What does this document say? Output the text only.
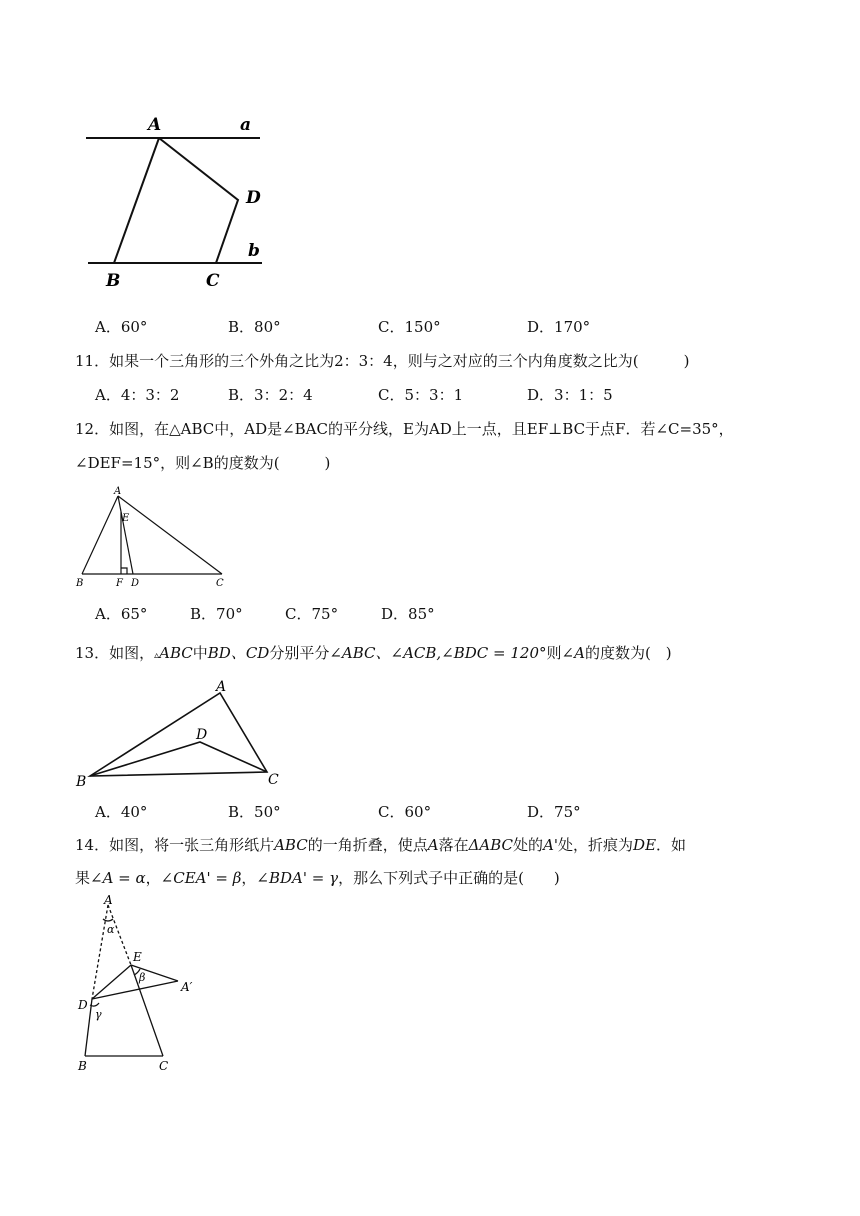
A	a
D
b
B	C
A．60°	B．80°	C．150°	D．170°
11．如果一个三角形的三个外角之比为2：3：4，则与之对应的三个内角度数之比为(　　　)
A．4：3：2	B．3：2：4	C．5：3：1	D．3：1：5
12．如图，在△ABC中，AD是∠BAC的平分线，E为AD上一点，且EF⊥BC于点F．若∠C=35°，
∠DEF=15°，则∠B的度数为(　　　)
A
E
B	F D	C
A．65°	B．70°	C．75°	D．85°
13．如图，▵ABC中BD、CD分别平分∠ABC、∠ACB,∠BDC = 120°则∠A的度数为(　)
A
D
B	C
A．40°	B．50°	C．60°	D．75°
14．如图，将一张三角形纸片ABC的一角折叠，使点A落在ΔABC处的A'处，折痕为DE．如
果∠A = α，∠CEA' = β，∠BDA' = γ，那么下列式子中正确的是(　　)
A
α
E
β
A′
D
γ
B	C
